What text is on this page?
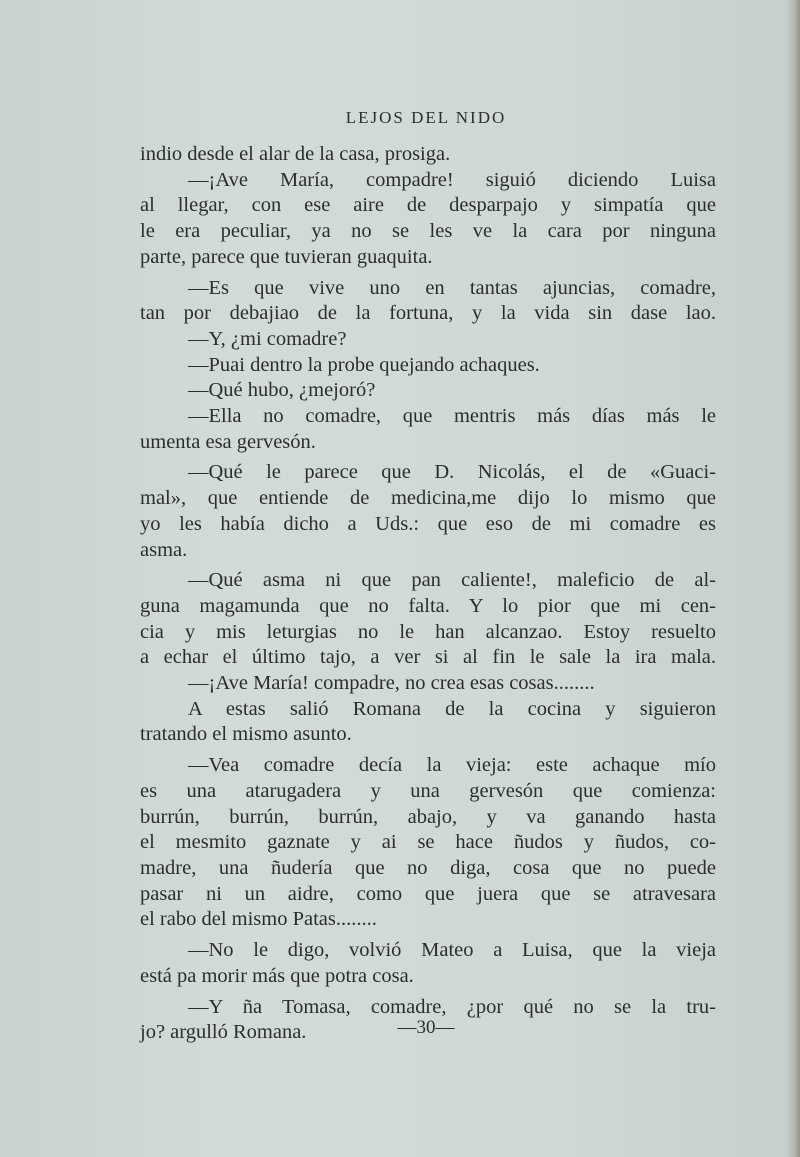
LEJOS DEL NIDO
indio desde el alar de la casa, prosiga.
—¡Ave María, compadre! siguió diciendo Luisa
al llegar, con ese aire de desparpajo y simpatía que
le era peculiar, ya no se les ve la cara por ninguna
parte, parece que tuvieran guaquita.
—Es que vive uno en tantas ajuncias, comadre,
tan por debajiao de la fortuna, y la vida sin dase lao.
—Y, ¿mi comadre?
—Puai dentro la probe quejando achaques.
—Qué hubo, ¿mejoró?
—Ella no comadre, que mentris más días más le
umenta esa gervesón.
—Qué le parece que D. Nicolás, el de «Guaci-
mal», que entiende de medicina,me dijo lo mismo que
yo les había dicho a Uds.: que eso de mi comadre es
asma.
—Qué asma ni que pan caliente!, maleficio de al-
guna magamunda que no falta. Y lo pior que mi cen-
cia y mis leturgias no le han alcanzao. Estoy resuelto
a echar el último tajo, a ver si al fin le sale la ira mala.
—¡Ave María! compadre, no crea esas cosas........
A estas salió Romana de la cocina y siguieron
tratando el mismo asunto.
—Vea comadre decía la vieja: este achaque mío
es una atarugadera y una gervesón que comienza:
burrún, burrún, burrún, abajo, y va ganando hasta
el mesmito gaznate y ai se hace ñudos y ñudos, co-
madre, una ñudería que no diga, cosa que no puede
pasar ni un aidre, como que juera que se atravesara
el rabo del mismo Patas........
—No le digo, volvió Mateo a Luisa, que la vieja
está pa morir más que potra cosa.
—Y ña Tomasa, comadre, ¿por qué no se la tru-
jo? argulló Romana.	—30—
